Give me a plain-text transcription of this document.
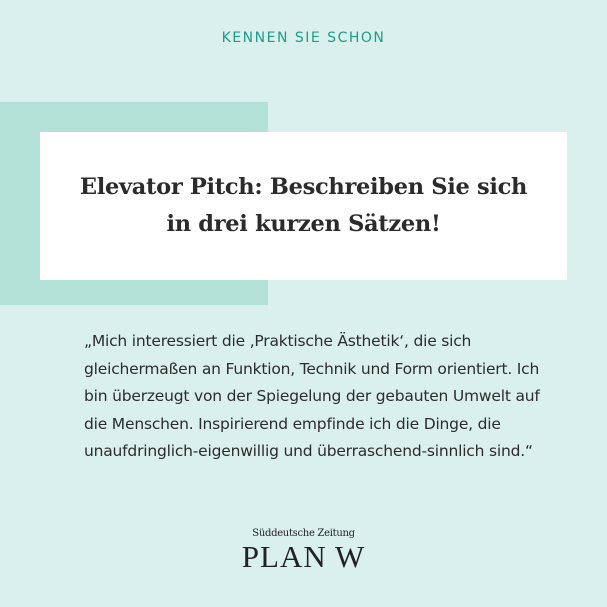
KENNEN SIE SCHON
Elevator Pitch: Beschreiben Sie sich in drei kurzen Sätzen!

„Mich interessiert die ‚Praktische Ästhetik‘, die sich gleichermaßen an Funktion, Technik und Form orientiert. Ich bin überzeugt von der Spiegelung der gebauten Umwelt auf die Menschen. Inspirierend empfinde ich die Dinge, die unaufdringlich-eigenwillig und überraschend-sinnlich sind.“

Süddeutsche Zeitung
PLAN W
